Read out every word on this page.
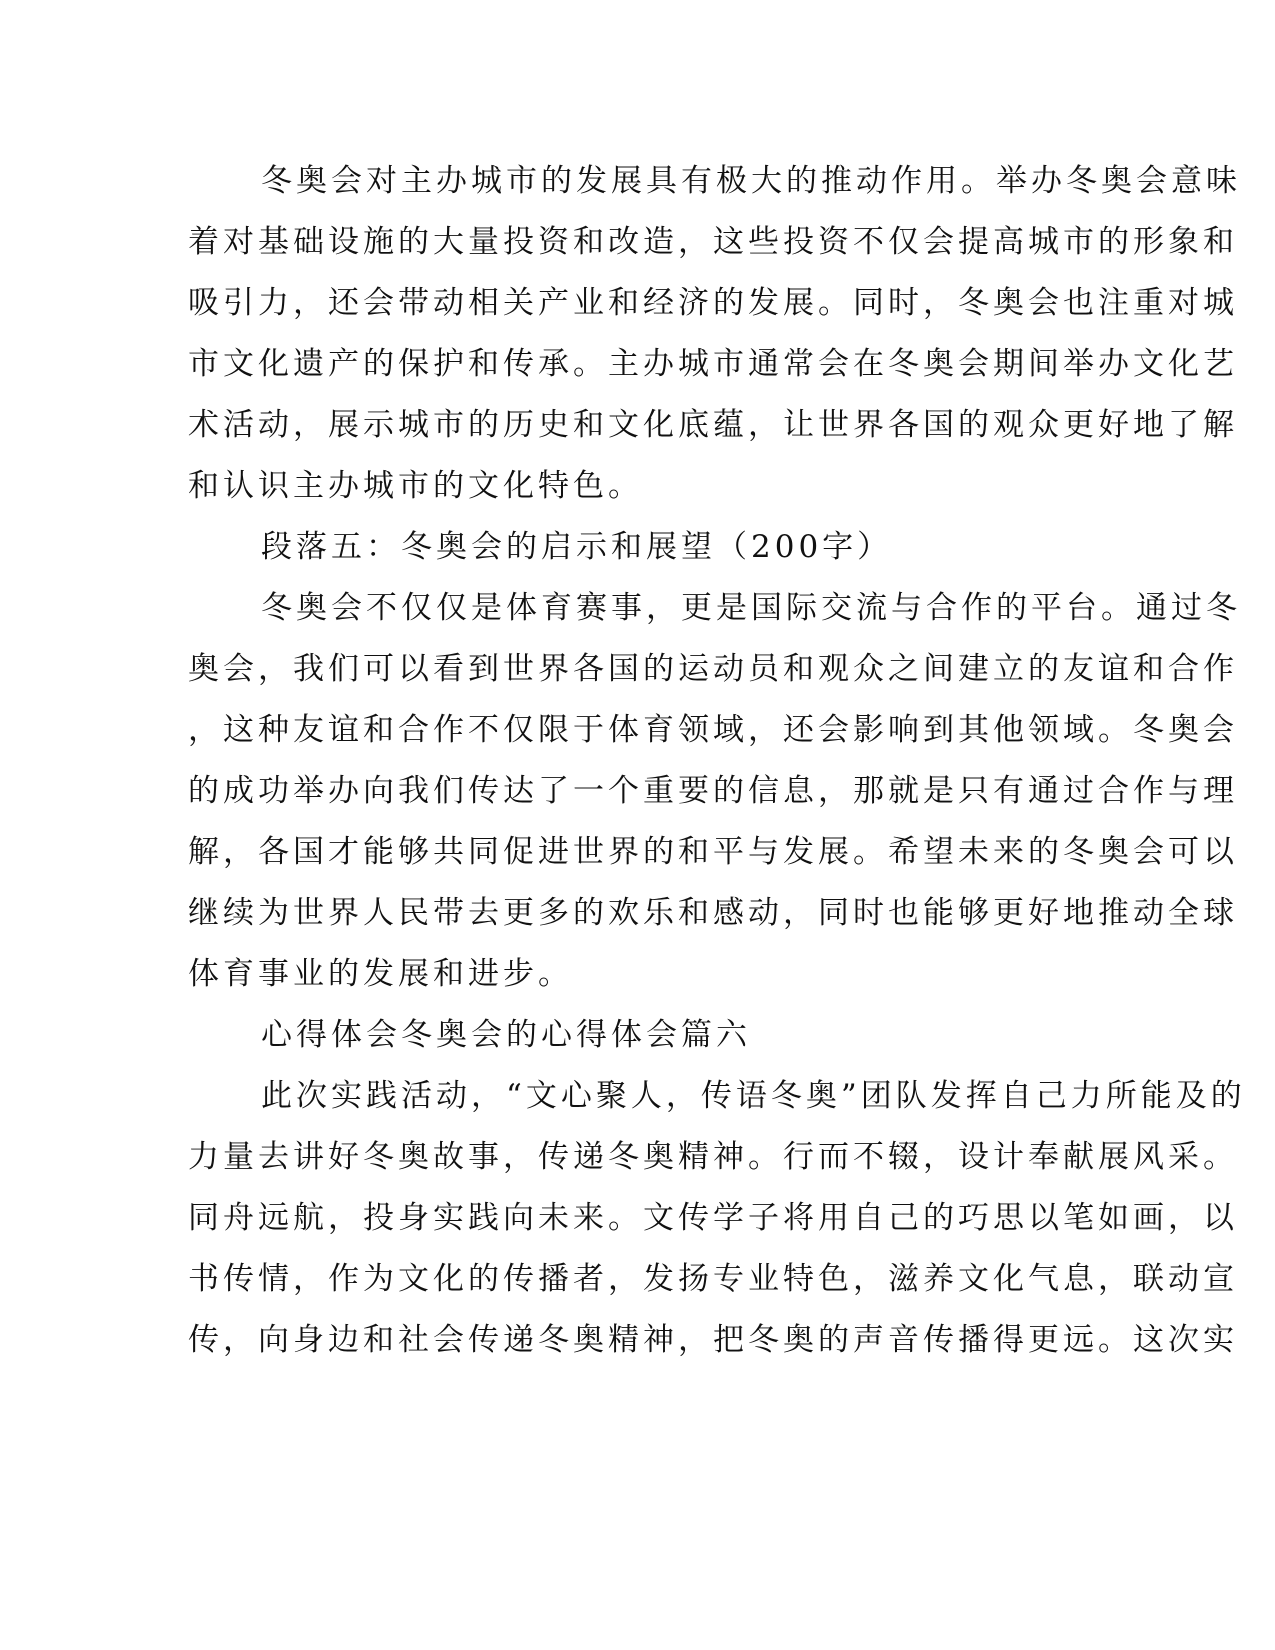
冬奥会对主办城市的发展具有极大的推动作用。举办冬奥会意味
着对基础设施的大量投资和改造，这些投资不仅会提高城市的形象和
吸引力，还会带动相关产业和经济的发展。同时，冬奥会也注重对城
市文化遗产的保护和传承。主办城市通常会在冬奥会期间举办文化艺
术活动，展示城市的历史和文化底蕴，让世界各国的观众更好地了解
和认识主办城市的文化特色。
段落五：冬奥会的启示和展望（200字）
冬奥会不仅仅是体育赛事，更是国际交流与合作的平台。通过冬
奥会，我们可以看到世界各国的运动员和观众之间建立的友谊和合作
，这种友谊和合作不仅限于体育领域，还会影响到其他领域。冬奥会
的成功举办向我们传达了一个重要的信息，那就是只有通过合作与理
解，各国才能够共同促进世界的和平与发展。希望未来的冬奥会可以
继续为世界人民带去更多的欢乐和感动，同时也能够更好地推动全球
体育事业的发展和进步。
心得体会冬奥会的心得体会篇六
此次实践活动，“文心聚人，传语冬奥”团队发挥自己力所能及的
力量去讲好冬奥故事，传递冬奥精神。行而不辍，设计奉献展风采。
同舟远航，投身实践向未来。文传学子将用自己的巧思以笔如画，以
书传情，作为文化的传播者，发扬专业特色，滋养文化气息，联动宣
传，向身边和社会传递冬奥精神，把冬奥的声音传播得更远。这次实
